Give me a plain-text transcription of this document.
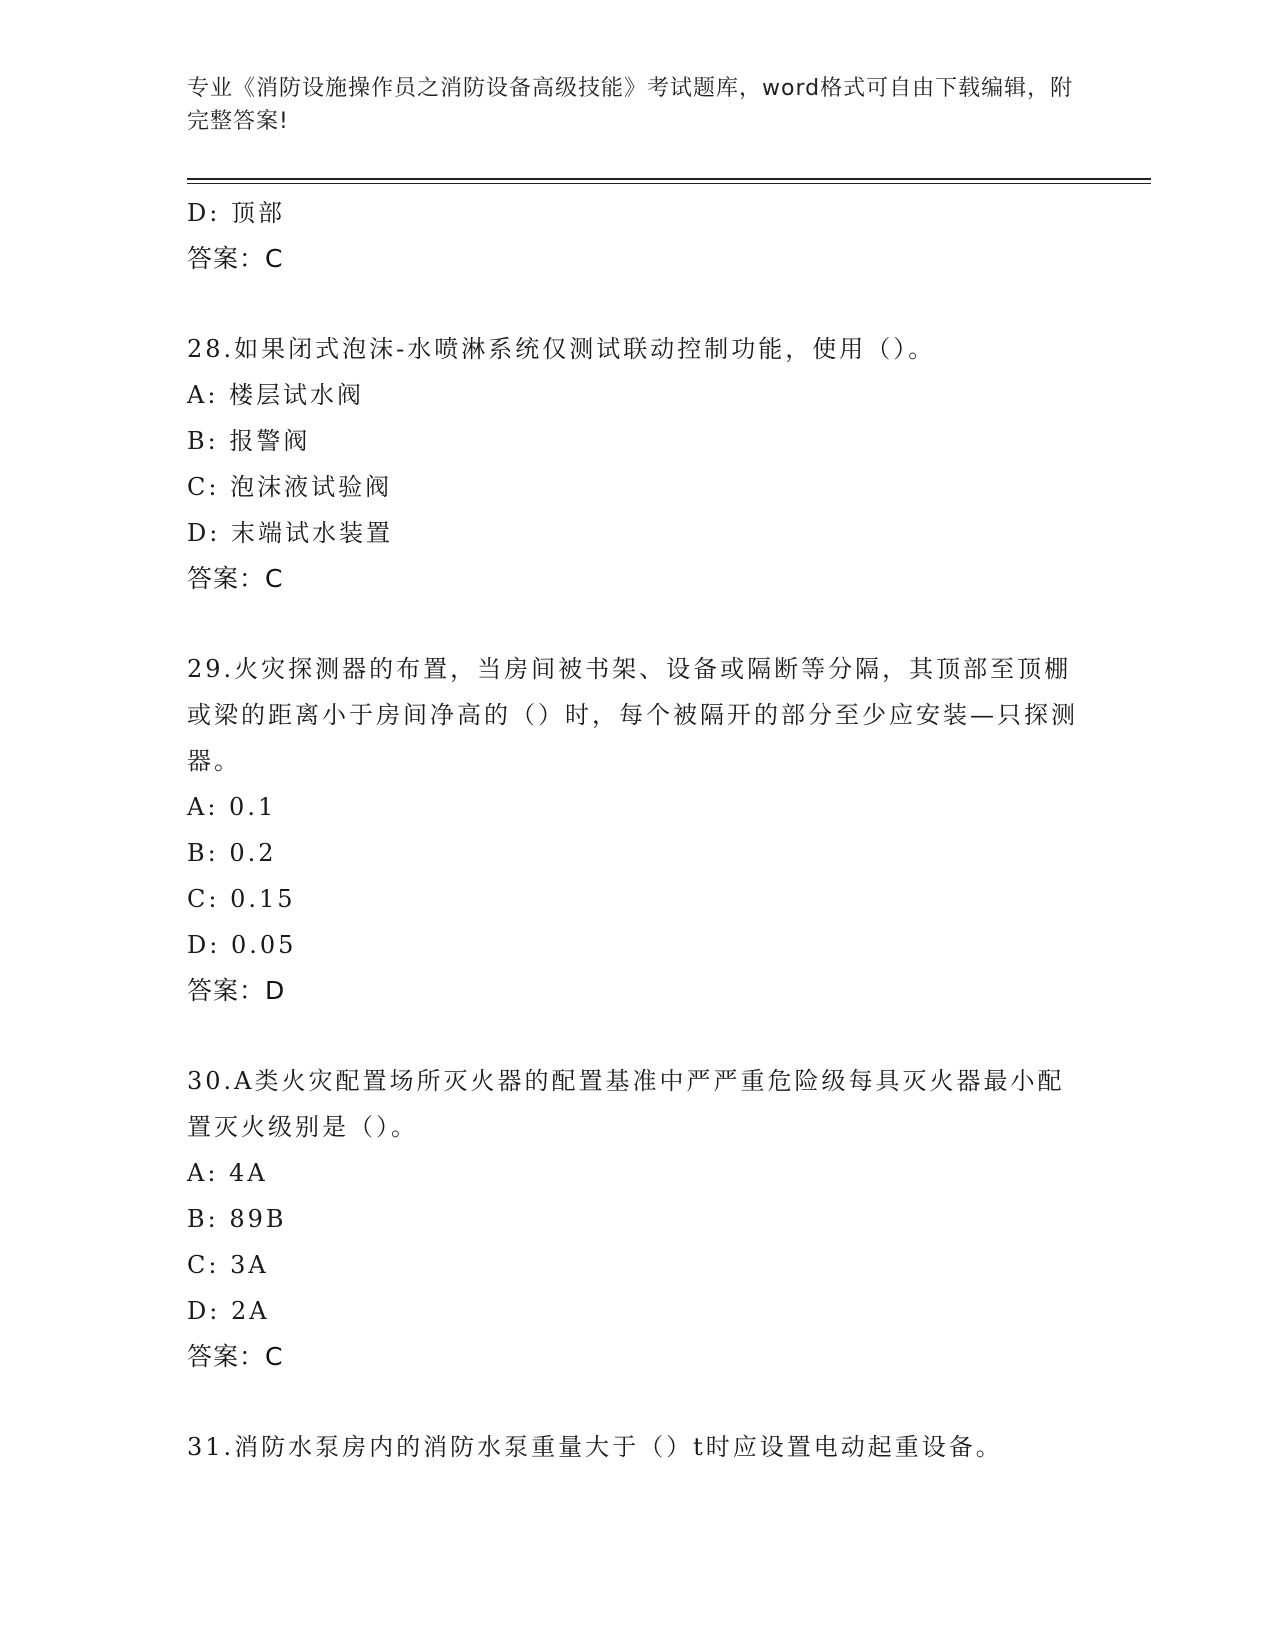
专业《消防设施操作员之消防设备高级技能》考试题库，word格式可自由下载编辑，附完整答案!
D: 顶部
答案：C
28.如果闭式泡沫-水喷淋系统仅测试联动控制功能，使用（）。
A: 楼层试水阀
B: 报警阀
C: 泡沫液试验阀
D: 末端试水装置
答案：C
29.火灾探测器的布置，当房间被书架、设备或隔断等分隔，其顶部至顶棚或梁的距离小于房间净高的（）时，每个被隔开的部分至少应安装—只探测器。
A: 0.1
B: 0.2
C: 0.15
D: 0.05
答案：D
30.A类火灾配置场所灭火器的配置基准中严严重危险级每具灭火器最小配置灭火级别是（）。
A: 4A
B: 89B
C: 3A
D: 2A
答案：C
31.消防水泵房内的消防水泵重量大于（）t时应设置电动起重设备。
